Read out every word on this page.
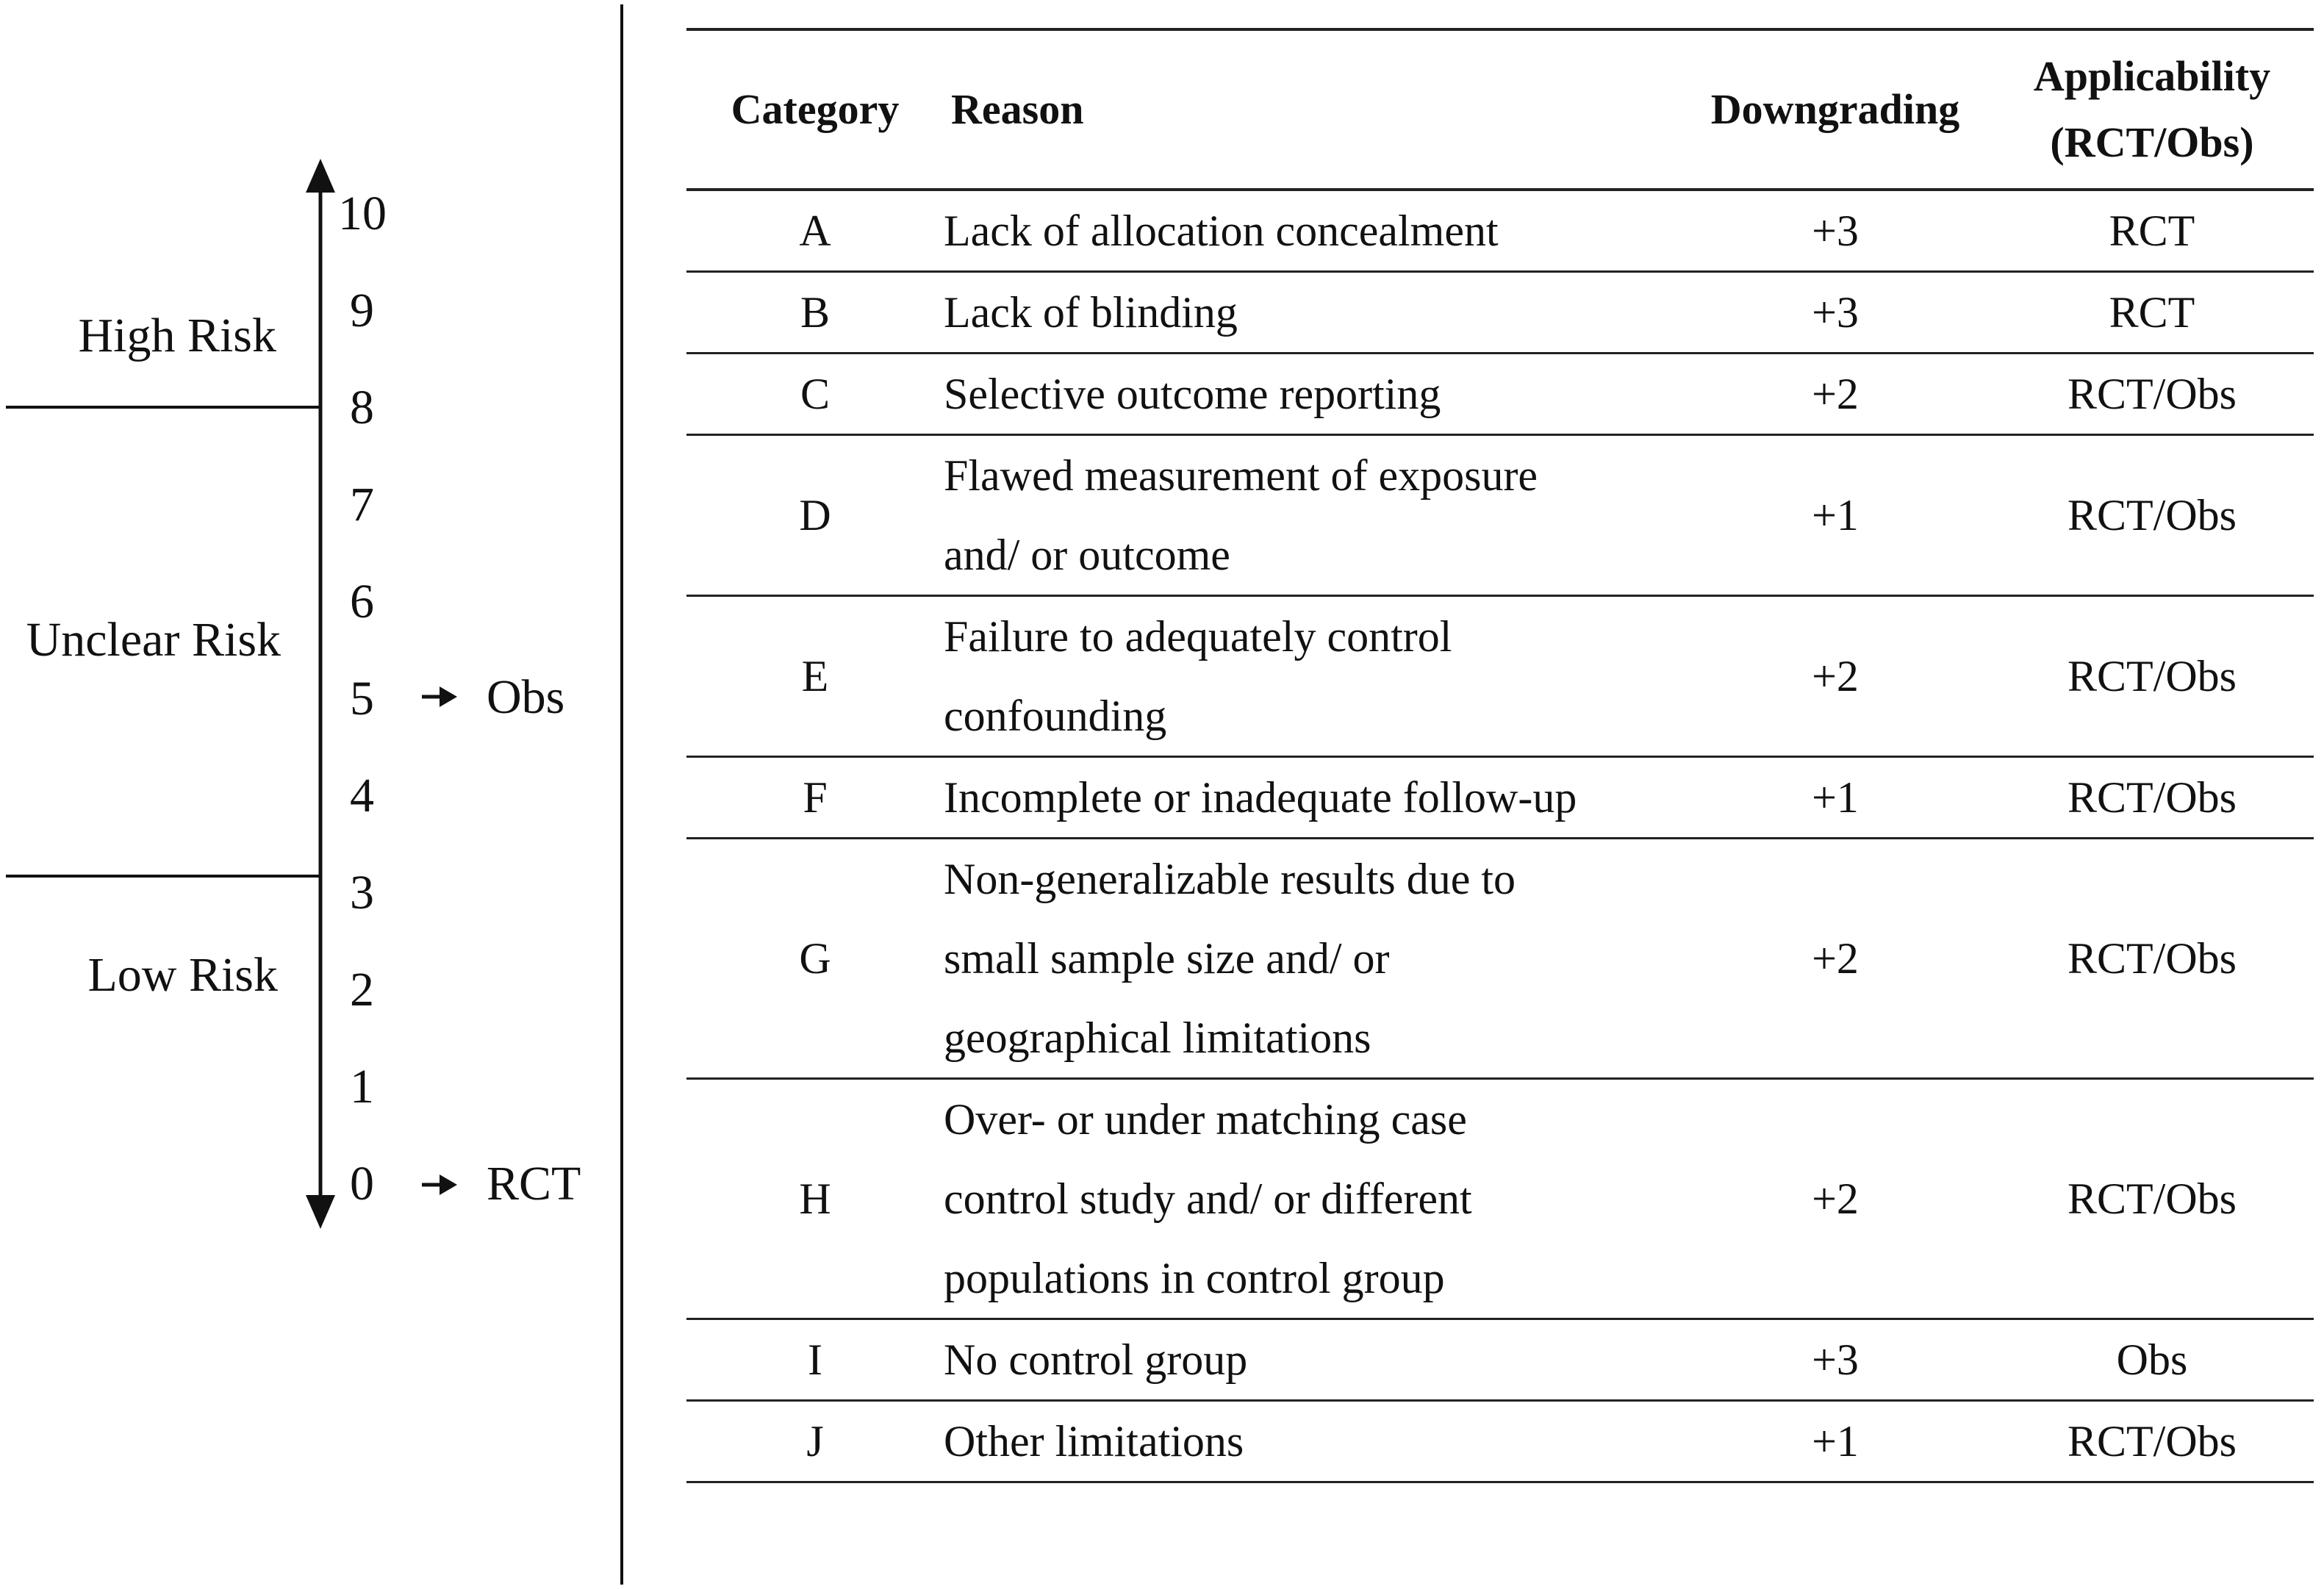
High Risk
Unclear Risk
Low Risk
10
9
8
7
6
5
4
3
2
1
0
Obs
RCT
Category	Reason	Downgrading	Applicability
(RCT/Obs)

A	Lack of allocation concealment	+3	RCT
B	Lack of blinding	+3	RCT
C	Selective outcome reporting	+2	RCT/Obs
D	Flawed measurement of exposure
and/ or outcome	+1	RCT/Obs
E	Failure to adequately control
confounding	+2	RCT/Obs
F	Incomplete or inadequate follow-up	+1	RCT/Obs
G	Non-generalizable results due to
small sample size and/ or
geographical limitations	+2	RCT/Obs
H	Over- or under matching case
control study and/ or different
populations in control group	+2	RCT/Obs
I	No control group	+3	Obs
J	Other limitations	+1	RCT/Obs
